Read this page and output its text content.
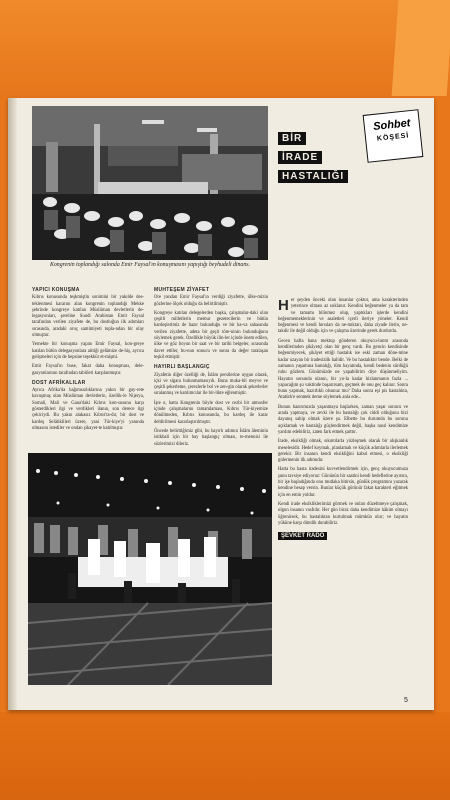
Kongrenin toplandığı salonda Emir Faysal'ın konuşmasını yapıştığı beyhudeli dinans.
Sohbet
KÖŞESİ
BİR
İRADE
HASTALIĞI
YAPICI KONUŞMA

Kıbrıs konusunda teşkmiştin sonimini bir yakılde des-teklenmesi kararını alan kongrenin toplandığı Mekke şehrinde kongreye katılan Müslüman devletlerin de-legasyonları, şereline Suudi Arabistan Emir Faysal tarafından verilen ziyafete de, bu dostluğun ilk adımları sırasında, aradaki oruç samimiyeti topla-ndan bir olay olmuştur.

Yemekte bir konuşma yapan Emir Faysal, kon-greye katılan bütün delegasyonlara aittiği gelâmize de-hiş, ayrıca gelişmeleri için de hepsine teşekkür et-mişmi.

Emir Faysal'ın buse, fakat daha konuşması, dele-gasyonlarının tarafından tabiileri karşılanmıştır.

DOST AFRİKALILAR

Ayrıca Afrika'da bağımsızlıklarına yakın bir gay-rete kavuşmuş olan Müslüman devletlerin, özellik-le Nijerya, Somali, Mali ve Gana'daki Kıbrıs kon-susunu karşı gösterdikleri ilgi ve verdikleri ilanın, son derece ilgi çekiciydi. Bu yakın alakasız Kıbrıs'ta-dır, bir dost ve kardeş Selâtiklileri üzere, yani Tür-kiye'yi yanında olmasını istediler ve ondan şikayet-te katılmıştır.

MUHTEŞEM ZİYAFET

Ore yandan Emir Faysal'ın verdiği ziyafette, ülke-mizin gözlerine ölçek olduğu da belirtilmiştir.

Kongreye katılan delegelerden başka, çalışmalar-daki olan çeşitli milletlerin memur gezetecilerin ve bütün kardeşlerimiz de hazır bulunduğu ve bir ha-va sahasında verilen ziyafette, adeta bir geçit töre-ninin bulunduğunu söylemek gerek. Özellikle büyük ilin-ler içinde önem edilen, ülke ve göz boyun bir saat ve bir tarihi belgeler, sırasında davet ettiler, bu-nun sonucu ve sonra da değer taralaşan teşkil etmiştir.

HAYIRLI BAŞLANGIÇ

Ziyafetin diğer özelliği de, İslâm persilerine uygun olarak, içki ve sigara bulunmamasıydı. Buna muka-bil meyve ve çeşitli şekerleme, çerezlerle bol ve zen-gin olarak şekerlerler sıralanmış ve katılımcılar ile bir-likte eğlenmiştir.

İşte o, hatta Kongrenin böyle dost ve cezbi bir atmosfer içinde çalışmalarını tamamlaması, Kıbrıs Tür-kiyemize dönülmeden, Kıbrıs konusunda, bu kardeş ile karar deldirilmesi kararlaştırılmıştır.

Öncede belirttiğimiz gibi, bu hayırlı adımın İslâm âleminin istikbali için bir hay başlangıç olması, te-mennisi ile sözlerimizi dileriz.

Her şeyden önceki olan insanlar çoktur, ama karakterinden yeterince olması az ısıklanır. Kendini beğenmeler ya da tam ve tamamı bilinmez olup, yaptıkları işlerde kendini beğenmemeklerinin ve asaletleri içerli ileriye yöneler. Kendi beğenmesi ve kendi hırsıları da ne-mıktarı, daha ziyade ilerin, ne-takdir ile değil olduğu için ve çalışma üzerinde gerek durdurdu.

Gecen hafta bana mektup gönderen okuyucu-larım arasında kendilerinden şikâyetçi olan bir genç vardı. Bu gencin kendisinde beğenmiyecek, şikâyet ettiği hastalık ise eski zaman döne-mine kadar uzayan bir iradesizlik halidir. Ve bu hastalıktır bende. Belki de zamanın yaşamına hastalığı, tüm hayatında, kendi bedenin sürdüğü ruhu gözlem. Günümüzde ne yapabilirim diye düşünmeliyim. Hayatın sonunda olanın, bir yo-la kadar hizlanmanın fazla ... yapacağım şu vaktinde başarırsam, geçmek de onu geç kalınır. Sonra bunu yapmak, hazırlıklı olsunuz mu? Daha sonra eşi pis hastalıkta, Atatürk'e senmek deme söylemek anla ede...

Bunun hazırımızda yaşanmaya başlarken, zaman yaşar sonucu ve arada yapmaya, ve zevki ile bu hastalığı çok ciddi olduğunu bizi dayanış sahip olmak üzere şu. Elbette bu durumda bu sorunu açıklamak ve hastalığı güçlendirmek değil, başka nasıl kendimize yardım edebiliriz, zaten fark etmek şarttır.

İrade, eksikliği olmak, sıkıntılarla yüzleşmek olarak bir alışkanlık meselesidir. Hedef koymak, planlamak ve küçük adımlarla ilerlemek gerekir. Bir insanın kendi eksikliğini kabul etmesi, o eksikliği gidermenin ilk adımıdır.

Hatta bu hasta iradesini kuvvetlendirmek için, genç okuyucumuza şunu tavsiye ediyoruz: Gününün bir saatini kendi hedeflerine ayırsın, bir işe başladığında onu mutlaka bitirsin, günlük programını yazarak kendine hesap versin. Bunlar küçük görünür fakat karakteri eğitmek için en emin yoldur.

Kendi irade eksikliklerimizi görmek ve onları düzeltmeye çalışmak, olgun insanın vasfıdır. Her gün biraz daha kendimize hâkim olmayı öğrenirsek, bu hastalıktan kurtulmak mümkün olur; ve hayatın yüküne karşı dimdik durabiliriz.

ŞEVKET RADO
5
